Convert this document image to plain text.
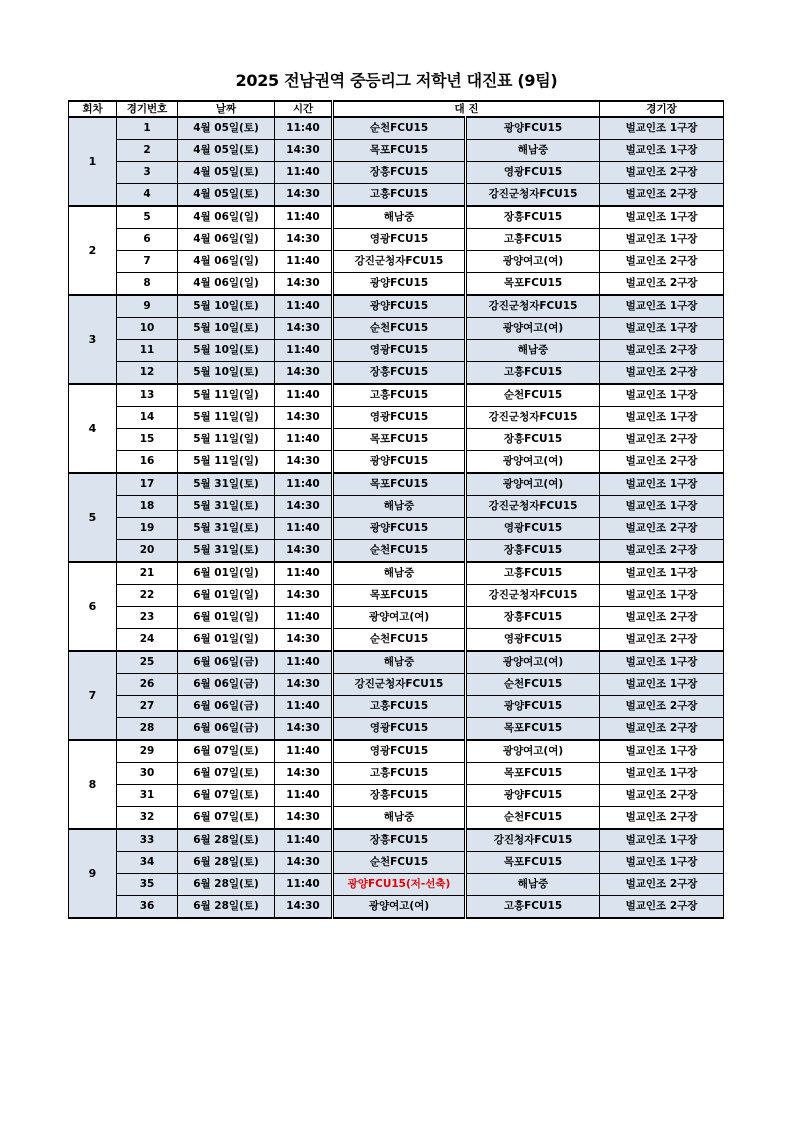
2025 전남권역 중등리그 저학년 대진표 (9팀)
회차	경기번호	날짜	시간	대 진		경기장
1	1	4월 05일(토)	11:40	순천FCU15	광양FCU15	벌교인조 1구장
	2	4월 05일(토)	14:30	목포FCU15	해남중	벌교인조 1구장
	3	4월 05일(토)	11:40	장흥FCU15	영광FCU15	벌교인조 2구장
	4	4월 05일(토)	14:30	고흥FCU15	강진군청자FCU15	벌교인조 2구장
2	5	4월 06일(일)	11:40	해남중	장흥FCU15	벌교인조 1구장
	6	4월 06일(일)	14:30	영광FCU15	고흥FCU15	벌교인조 1구장
	7	4월 06일(일)	11:40	강진군청자FCU15	광양여고(여)	벌교인조 2구장
	8	4월 06일(일)	14:30	광양FCU15	목포FCU15	벌교인조 2구장
3	9	5월 10일(토)	11:40	광양FCU15	강진군청자FCU15	벌교인조 1구장
	10	5월 10일(토)	14:30	순천FCU15	광양여고(여)	벌교인조 1구장
	11	5월 10일(토)	11:40	영광FCU15	해남중	벌교인조 2구장
	12	5월 10일(토)	14:30	장흥FCU15	고흥FCU15	벌교인조 2구장
4	13	5월 11일(일)	11:40	고흥FCU15	순천FCU15	벌교인조 1구장
	14	5월 11일(일)	14:30	영광FCU15	강진군청자FCU15	벌교인조 1구장
	15	5월 11일(일)	11:40	목포FCU15	장흥FCU15	벌교인조 2구장
	16	5월 11일(일)	14:30	광양FCU15	광양여고(여)	벌교인조 2구장
5	17	5월 31일(토)	11:40	목포FCU15	광양여고(여)	벌교인조 1구장
	18	5월 31일(토)	14:30	해남중	강진군청자FCU15	벌교인조 1구장
	19	5월 31일(토)	11:40	광양FCU15	영광FCU15	벌교인조 2구장
	20	5월 31일(토)	14:30	순천FCU15	장흥FCU15	벌교인조 2구장
6	21	6월 01일(일)	11:40	해남중	고흥FCU15	벌교인조 1구장
	22	6월 01일(일)	14:30	목포FCU15	강진군청자FCU15	벌교인조 1구장
	23	6월 01일(일)	11:40	광양여고(여)	장흥FCU15	벌교인조 2구장
	24	6월 01일(일)	14:30	순천FCU15	영광FCU15	벌교인조 2구장
7	25	6월 06일(금)	11:40	해남중	광양여고(여)	벌교인조 1구장
	26	6월 06일(금)	14:30	강진군청자FCU15	순천FCU15	벌교인조 1구장
	27	6월 06일(금)	11:40	고흥FCU15	광양FCU15	벌교인조 2구장
	28	6월 06일(금)	14:30	영광FCU15	목포FCU15	벌교인조 2구장
8	29	6월 07일(토)	11:40	영광FCU15	광양여고(여)	벌교인조 1구장
	30	6월 07일(토)	14:30	고흥FCU15	목포FCU15	벌교인조 1구장
	31	6월 07일(토)	11:40	장흥FCU15	광양FCU15	벌교인조 2구장
	32	6월 07일(토)	14:30	해남중	순천FCU15	벌교인조 2구장
9	33	6월 28일(토)	11:40	장흥FCU15	강진청자FCU15	벌교인조 1구장
	34	6월 28일(토)	14:30	순천FCU15	목포FCU15	벌교인조 1구장
	35	6월 28일(토)	11:40	광양FCU15(저-선축)	해남중	벌교인조 2구장
	36	6월 28일(토)	14:30	광양여고(여)	고흥FCU15	벌교인조 2구장
